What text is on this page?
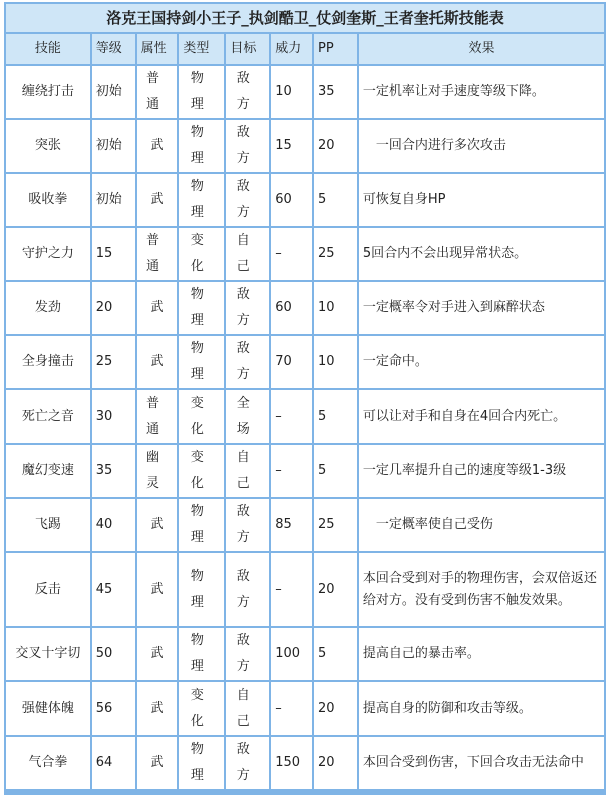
洛克王国持剑小王子_执剑酷卫_仗剑奎斯_王者奎托斯技能表							
技能	等级	属性	类型	目标	威力	PP	效果
缠绕打击	初始	普通	物理	敌方	10	35	一定机率让对手速度等级下降。
突张	初始	武	物理	敌方	15	20	　一回合内进行多次攻击
吸收拳	初始	武	物理	敌方	60	5	可恢复自身HP
守护之力	15	普通	变化	自己	–	25	5回合内不会出现异常状态。
发劲	20	武	物理	敌方	60	10	一定概率令对手进入到麻醉状态
全身撞击	25	武	物理	敌方	70	10	一定命中。
死亡之音	30	普通	变化	全场	–	5	可以让对手和自身在4回合内死亡。
魔幻变速	35	幽灵	变化	自己	–	5	一定几率提升自己的速度等级1-3级
飞踢	40	武	物理	敌方	85	25	　一定概率使自己受伤
反击	45	武	物理	敌方	–	20	本回合受到对手的物理伤害，会双倍返还给对方。没有受到伤害不触发效果。
交叉十字切	50	武	物理	敌方	100	5	提高自己的暴击率。
强健体魄	56	武	变化	自己	–	20	提高自身的防御和攻击等级。
气合拳	64	武	物理	敌方	150	20	本回合受到伤害，下回合攻击无法命中
